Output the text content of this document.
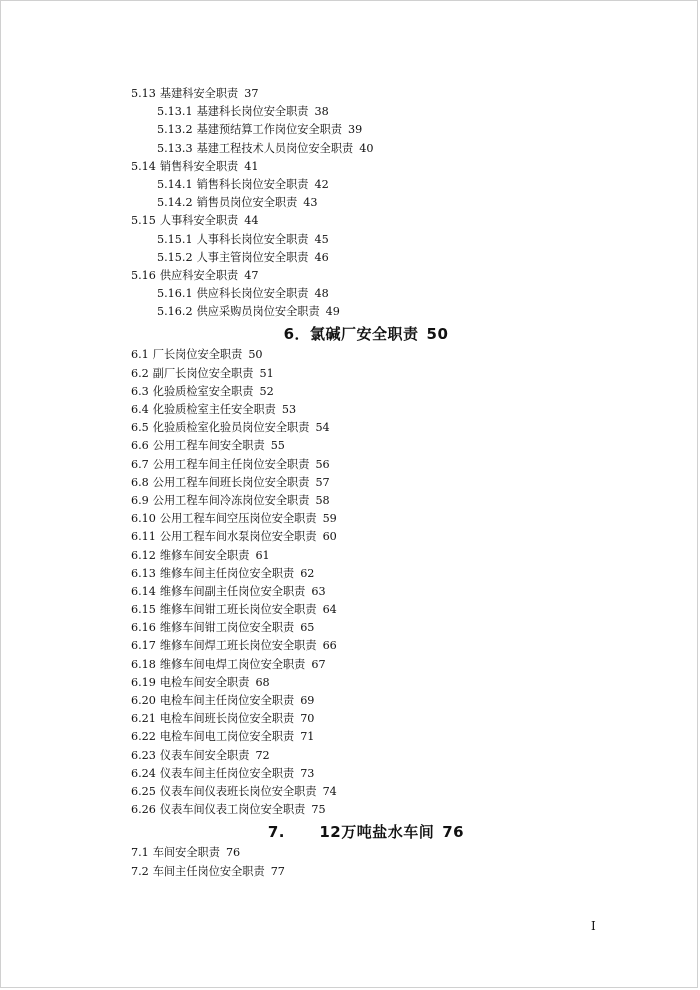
5.13 基建科安全职责 37
5.13.1 基建科长岗位安全职责 38
5.13.2 基建预结算工作岗位安全职责 39
5.13.3 基建工程技术人员岗位安全职责 40
5.14 销售科安全职责 41
5.14.1 销售科长岗位安全职责 42
5.14.2 销售员岗位安全职责 43
5.15 人事科安全职责 44
5.15.1 人事科长岗位安全职责 45
5.15.2 人事主管岗位安全职责 46
5.16 供应科安全职责 47
5.16.1 供应科长岗位安全职责 48
5.16.2 供应采购员岗位安全职责 49
6．氯碱厂安全职责 50
6.1 厂长岗位安全职责 50
6.2 副厂长岗位安全职责 51
6.3 化验质检室安全职责 52
6.4 化验质检室主任安全职责 53
6.5 化验质检室化验员岗位安全职责 54
6.6 公用工程车间安全职责 55
6.7 公用工程车间主任岗位安全职责 56
6.8 公用工程车间班长岗位安全职责 57
6.9 公用工程车间冷冻岗位安全职责 58
6.10 公用工程车间空压岗位安全职责 59
6.11 公用工程车间水泵岗位安全职责 60
6.12 维修车间安全职责 61
6.13 维修车间主任岗位安全职责 62
6.14 维修车间副主任岗位安全职责 63
6.15 维修车间钳工班长岗位安全职责 64
6.16 维修车间钳工岗位安全职责 65
6.17 维修车间焊工班长岗位安全职责 66
6.18 维修车间电焊工岗位安全职责 67
6.19 电检车间安全职责 68
6.20 电检车间主任岗位安全职责 69
6.21 电检车间班长岗位安全职责 70
6.22 电检车间电工岗位安全职责 71
6.23 仪表车间安全职责 72
6.24 仪表车间主任岗位安全职责 73
6.25 仪表车间仪表班长岗位安全职责 74
6.26 仪表车间仪表工岗位安全职责 75
7. 12万吨盐水车间 76
7.1 车间安全职责 76
7.2 车间主任岗位安全职责 77
I
